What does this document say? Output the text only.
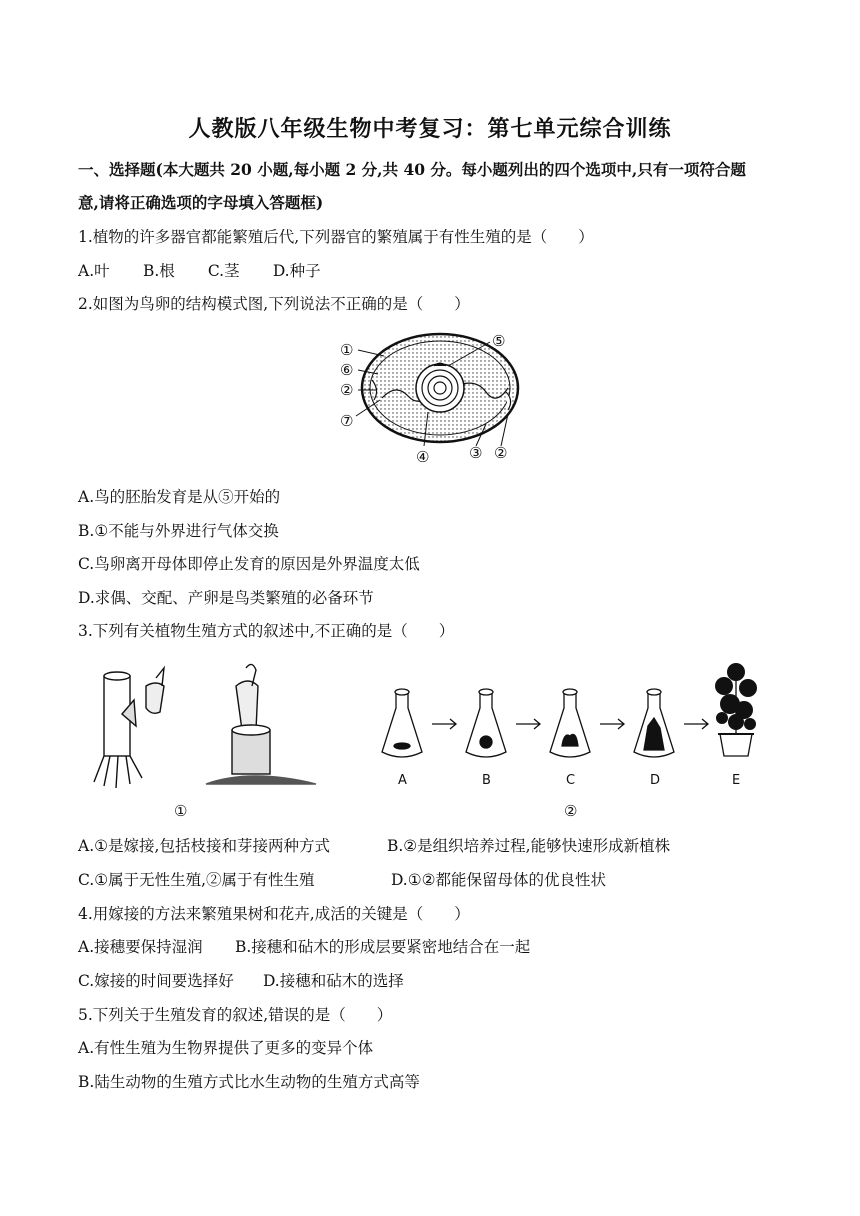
人教版八年级生物中考复习：第七单元综合训练
一、选择题(本大题共 20 小题,每小题 2 分,共 40 分。每小题列出的四个选项中,只有一项符合题
意,请将正确选项的字母填入答题框)
1.植物的许多器官都能繁殖后代,下列器官的繁殖属于有性生殖的是（　　）
A.叶 B.根 C.茎 D.种子
2.如图为鸟卵的结构模式图,下列说法不正确的是（　　）
①
⑥
②
⑦
⑤
④	③ ②
A.鸟的胚胎发育是从⑤开始的
B.①不能与外界进行气体交换
C.鸟卵离开母体即停止发育的原因是外界温度太低
D.求偶、交配、产卵是鸟类繁殖的必备环节
3.下列有关植物生殖方式的叙述中,不正确的是（　　）
①
A	B	C	D	E
②
A.①是嫁接,包括枝接和芽接两种方式	B.②是组织培养过程,能够快速形成新植株
C.①属于无性生殖,②属于有性生殖	D.①②都能保留母体的优良性状
4.用嫁接的方法来繁殖果树和花卉,成活的关键是（　　）
A.接穗要保持湿润 B.接穗和砧木的形成层要紧密地结合在一起
C.嫁接的时间要选择好 D.接穗和砧木的选择
5.下列关于生殖发育的叙述,错误的是（　　）
A.有性生殖为生物界提供了更多的变异个体
B.陆生动物的生殖方式比水生动物的生殖方式高等
